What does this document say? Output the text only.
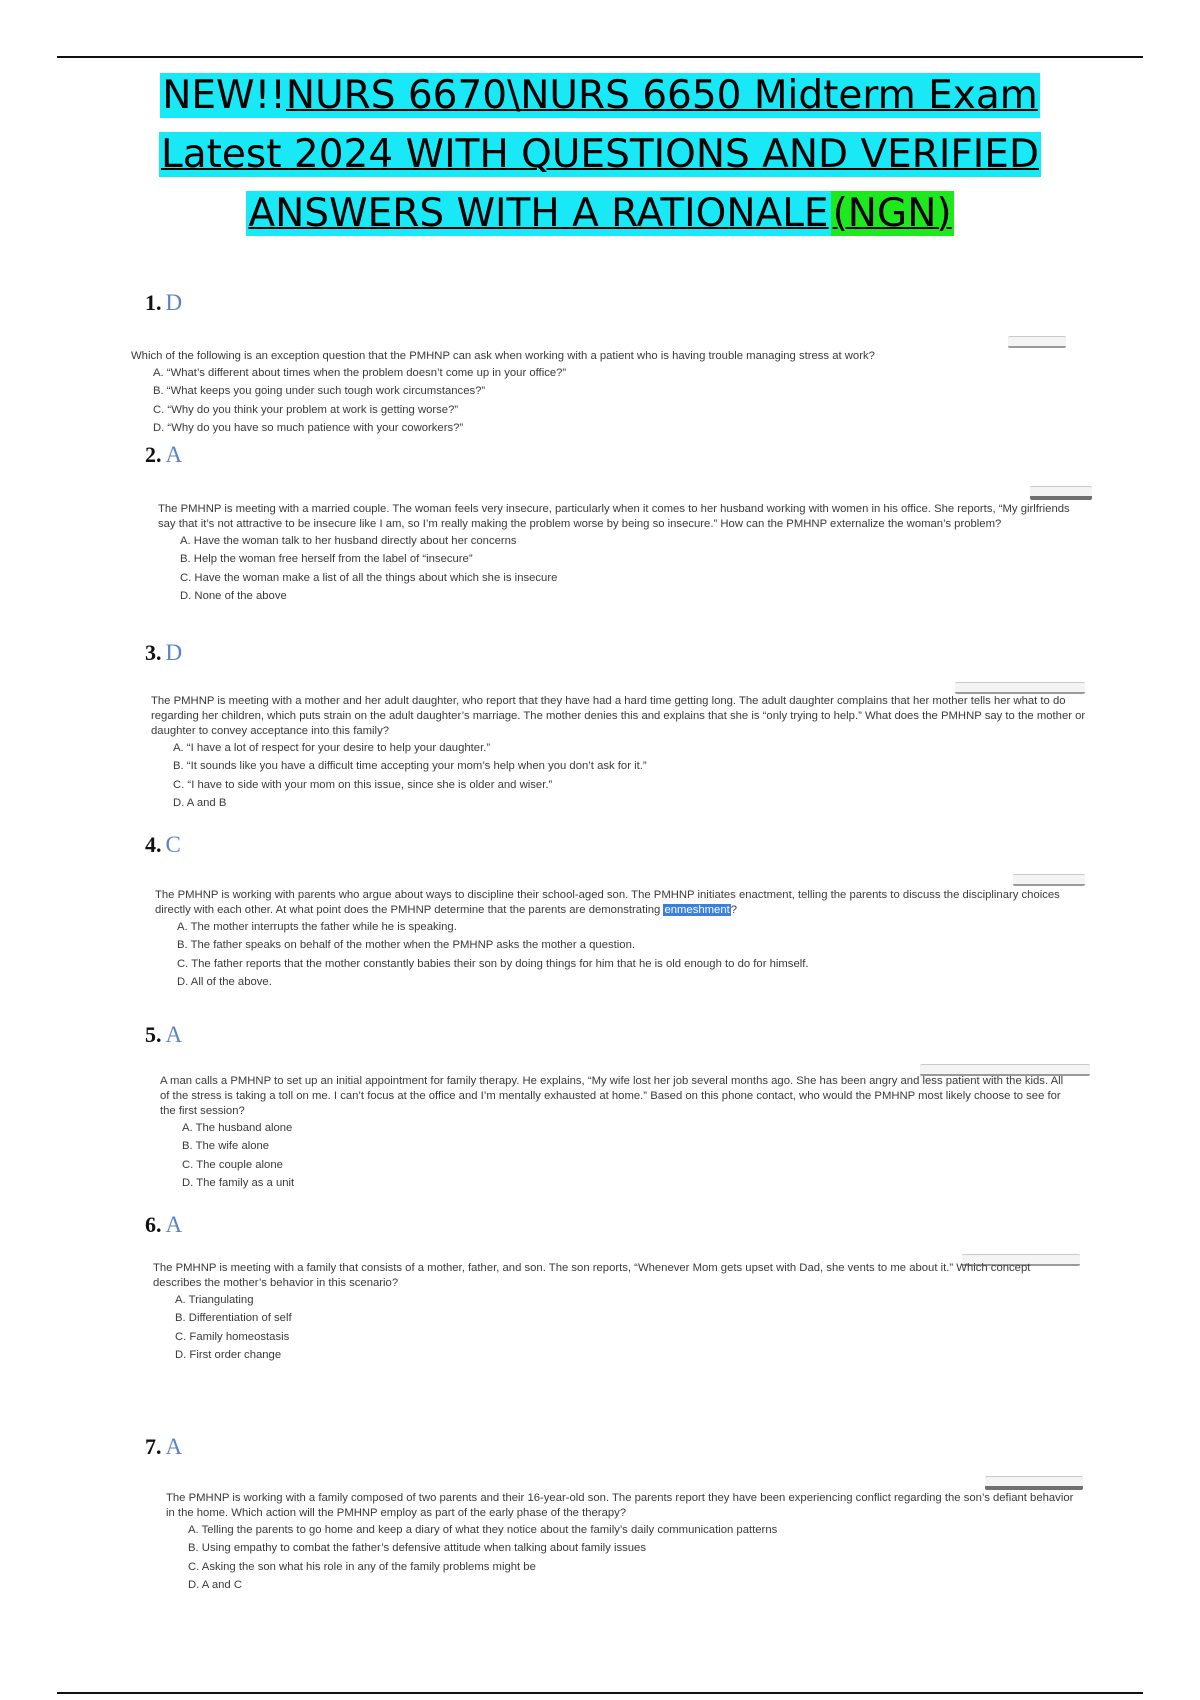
NEW!!NURS 6670\NURS 6650 Midterm Exam
Latest 2024 WITH QUESTIONS AND VERIFIED
ANSWERS WITH A RATIONALE (NGN)
1. D

Which of the following is an exception question that the PMHNP can ask when working with a patient who is having trouble managing stress at work?

A. “What’s different about times when the problem doesn’t come up in your office?”

B. “What keeps you going under such tough work circumstances?”

C. “Why do you think your problem at work is getting worse?”

D. “Why do you have so much patience with your coworkers?”

2. A

The PMHNP is meeting with a married couple. The woman feels very insecure, particularly when it comes to her husband working with women in his office. She reports, “My girlfriends say that it’s not attractive to be insecure like I am, so I’m really making the problem worse by being so insecure.” How can the PMHNP externalize the woman’s problem?

A. Have the woman talk to her husband directly about her concerns

B. Help the woman free herself from the label of “insecure”

C. Have the woman make a list of all the things about which she is insecure

D. None of the above

3. D

The PMHNP is meeting with a mother and her adult daughter, who report that they have had a hard time getting long. The adult daughter complains that her mother tells her what to do regarding her children, which puts strain on the adult daughter’s marriage. The mother denies this and explains that she is “only trying to help.” What does the PMHNP say to the mother or daughter to convey acceptance into this family?

A. “I have a lot of respect for your desire to help your daughter.”

B. “It sounds like you have a difficult time accepting your mom’s help when you don’t ask for it.”

C. “I have to side with your mom on this issue, since she is older and wiser.”

D. A and B

4. C

The PMHNP is working with parents who argue about ways to discipline their school-aged son. The PMHNP initiates enactment, telling the parents to discuss the disciplinary choices directly with each other. At what point does the PMHNP determine that the parents are demonstrating enmeshment?

A. The mother interrupts the father while he is speaking.

B. The father speaks on behalf of the mother when the PMHNP asks the mother a question.

C. The father reports that the mother constantly babies their son by doing things for him that he is old enough to do for himself.

D. All of the above.

5. A

A man calls a PMHNP to set up an initial appointment for family therapy. He explains, “My wife lost her job several months ago. She has been angry and less patient with the kids. All of the stress is taking a toll on me. I can’t focus at the office and I’m mentally exhausted at home.” Based on this phone contact, who would the PMHNP most likely choose to see for the first session?

A. The husband alone

B. The wife alone

C. The couple alone

D. The family as a unit

6. A

The PMHNP is meeting with a family that consists of a mother, father, and son. The son reports, “Whenever Mom gets upset with Dad, she vents to me about it.” Which concept describes the mother’s behavior in this scenario?

A. Triangulating

B. Differentiation of self

C. Family homeostasis

D. First order change

7. A

The PMHNP is working with a family composed of two parents and their 16-year-old son. The parents report they have been experiencing conflict regarding the son’s defiant behavior in the home. Which action will the PMHNP employ as part of the early phase of the therapy?

A. Telling the parents to go home and keep a diary of what they notice about the family’s daily communication patterns

B. Using empathy to combat the father’s defensive attitude when talking about family issues

C. Asking the son what his role in any of the family problems might be

D. A and C
